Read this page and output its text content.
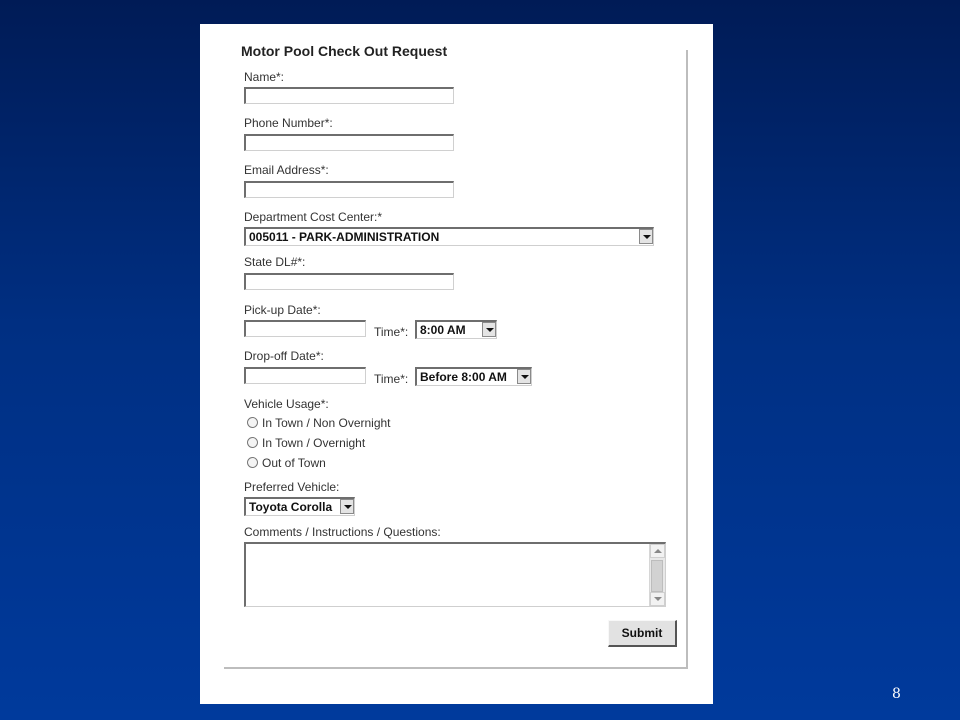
Motor Pool Check Out Request
Name*:
Phone Number*:
Email Address*:
Department Cost Center:*
005011 - PARK-ADMINISTRATION
State DL#*:
Pick-up Date*:
Time*: 8:00 AM
Drop-off Date*:
Time*: Before 8:00 AM
Vehicle Usage*:
In Town / Non Overnight
In Town / Overnight
Out of Town
Preferred Vehicle:
Toyota Corolla
Comments / Instructions / Questions:
Submit
8
